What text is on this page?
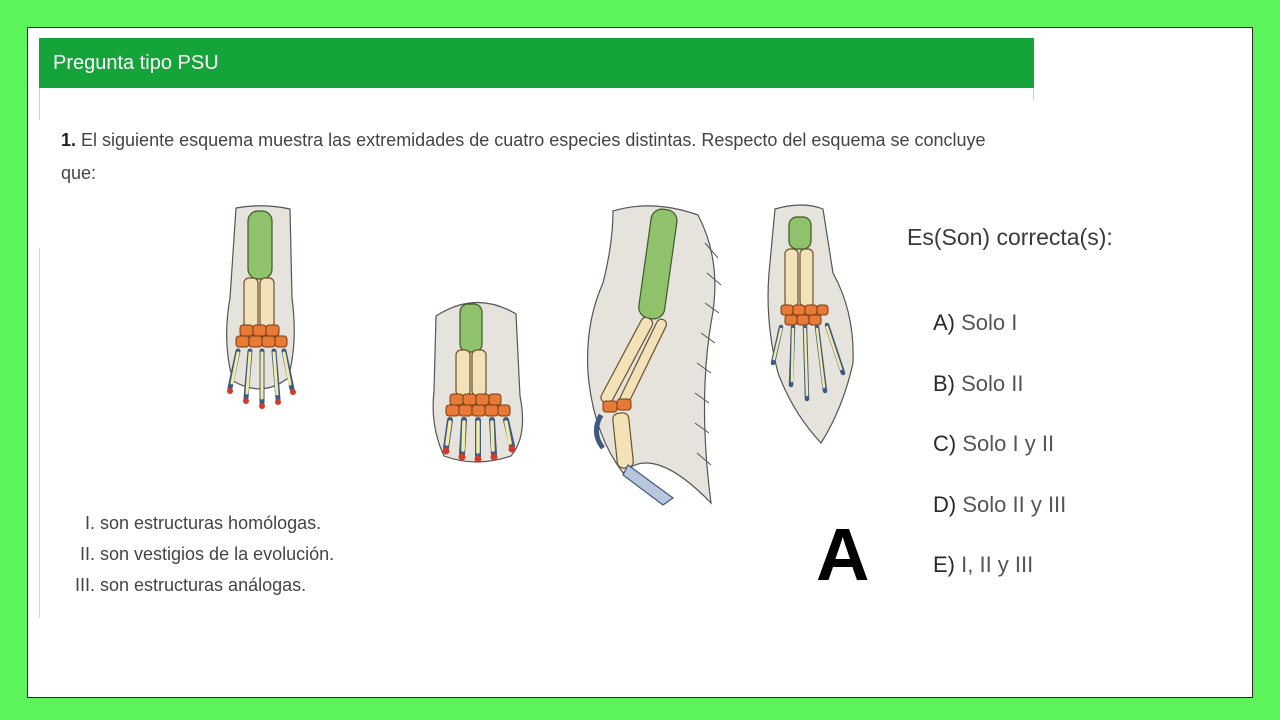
Pregunta tipo PSU
1. El siguiente esquema muestra las extremidades de cuatro especies distintas. Respecto del esquema se concluye que:
I. son estructuras homólogas.
II. son vestigios de la evolución.
III. son estructuras análogas.
Es(Son) correcta(s):
A
A) Solo I
B) Solo II
C) Solo I y II
D) Solo II y III
E) I, II y III
